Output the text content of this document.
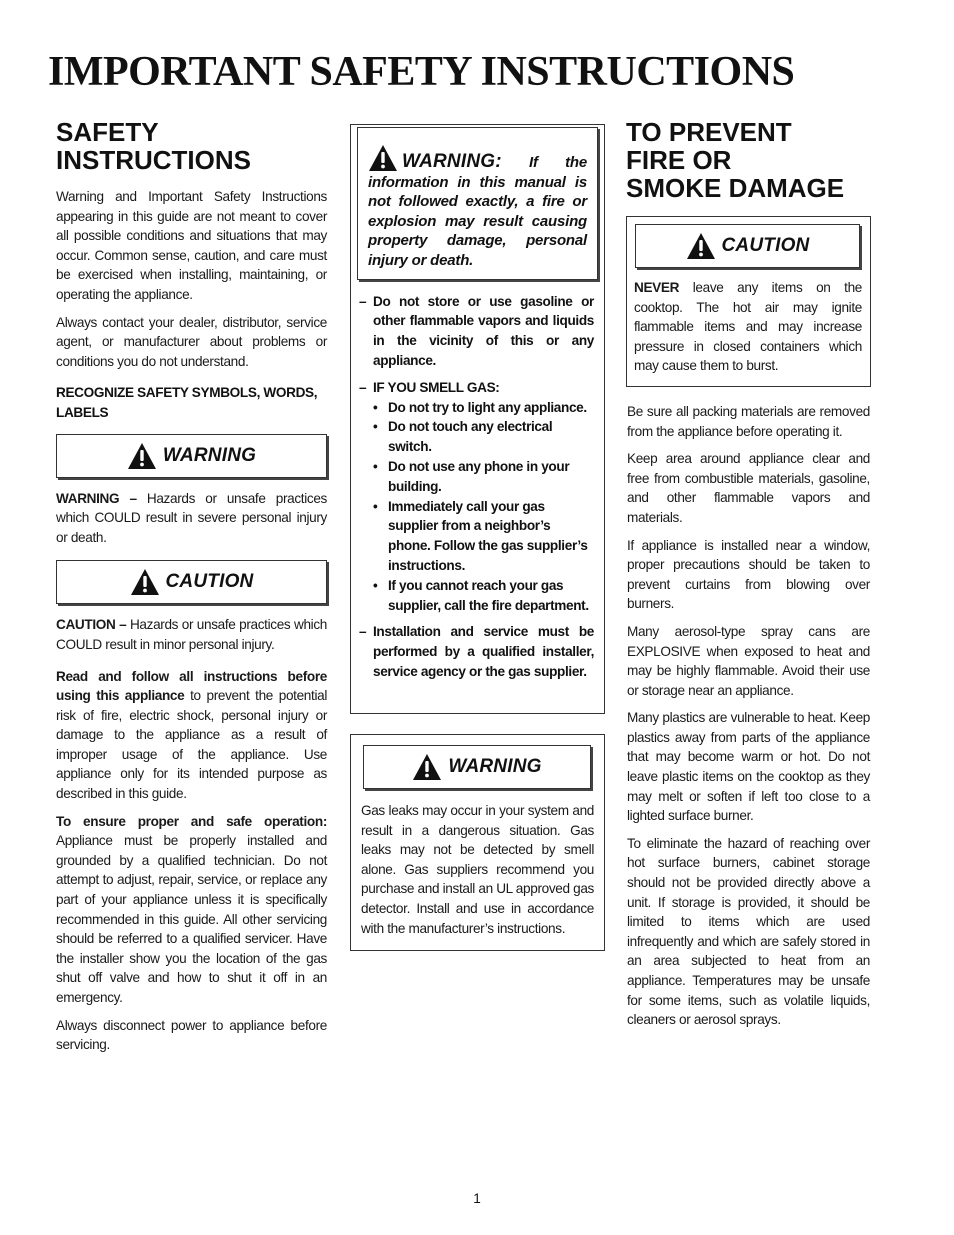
IMPORTANT SAFETY INSTRUCTIONS
SAFETY
INSTRUCTIONS

Warning and Important Safety Instructions appearing in this guide are not meant to cover all possible conditions and situations that may occur. Common sense, caution, and care must be exercised when installing, maintaining, or operating the appliance.

Always contact your dealer, distributor, service agent, or manufacturer about problems or conditions you do not understand.

RECOGNIZE SAFETY SYMBOLS, WORDS, LABELS
WARNING

WARNING – Hazards or unsafe practices which COULD result in severe personal injury or death.

CAUTION

CAUTION – Hazards or unsafe practices which COULD result in minor personal injury.

Read and follow all instructions before using this appliance to prevent the potential risk of fire, electric shock, personal injury or damage to the appliance as a result of improper usage of the appliance. Use appliance only for its intended purpose as described in this guide.

To ensure proper and safe operation: Appliance must be properly installed and grounded by a qualified technician. Do not attempt to adjust, repair, service, or replace any part of your appliance unless it is specifically recommended in this guide. All other servicing should be referred to a qualified servicer. Have the installer show you the location of the gas shut off valve and how to shut it off in an emergency.

Always disconnect power to appliance before servicing.

WARNING: If the information in this manual is not followed exactly, a fire or explosion may result causing property damage, personal injury or death.

– Do not store or use gasoline or other flammable vapors and liquids in the vicinity of this or any appliance.
– IF YOU SMELL GAS:
• Do not try to light any appliance.
• Do not touch any electrical switch.
• Do not use any phone in your building.
• Immediately call your gas supplier from a neighbor’s phone. Follow the gas supplier’s instructions.
• If you cannot reach your gas supplier, call the fire department.
– Installation and service must be performed by a qualified installer, service agency or the gas supplier.
WARNING

Gas leaks may occur in your system and result in a dangerous situation. Gas leaks may not be detected by smell alone. Gas suppliers recommend you purchase and install an UL approved gas detector. Install and use in accordance with the manufacturer’s instructions.

TO PREVENT
FIRE OR
SMOKE DAMAGE
CAUTION

NEVER leave any items on the cooktop. The hot air may ignite flammable items and may increase pressure in closed containers which may cause them to burst.

Be sure all packing materials are removed from the appliance before operating it.

Keep area around appliance clear and free from combustible materials, gasoline, and other flammable vapors and materials.

If appliance is installed near a window, proper precautions should be taken to prevent curtains from blowing over burners.

Many aerosol-type spray cans are EXPLOSIVE when exposed to heat and may be highly flammable. Avoid their use or storage near an appliance.

Many plastics are vulnerable to heat. Keep plastics away from parts of the appliance that may become warm or hot. Do not leave plastic items on the cooktop as they may melt or soften if left too close to a lighted surface burner.

To eliminate the hazard of reaching over hot surface burners, cabinet storage should not be provided directly above a unit. If storage is provided, it should be limited to items which are used infrequently and which are safely stored in an area subjected to heat from an appliance. Temperatures may be unsafe for some items, such as volatile liquids, cleaners or aerosol sprays.

1
